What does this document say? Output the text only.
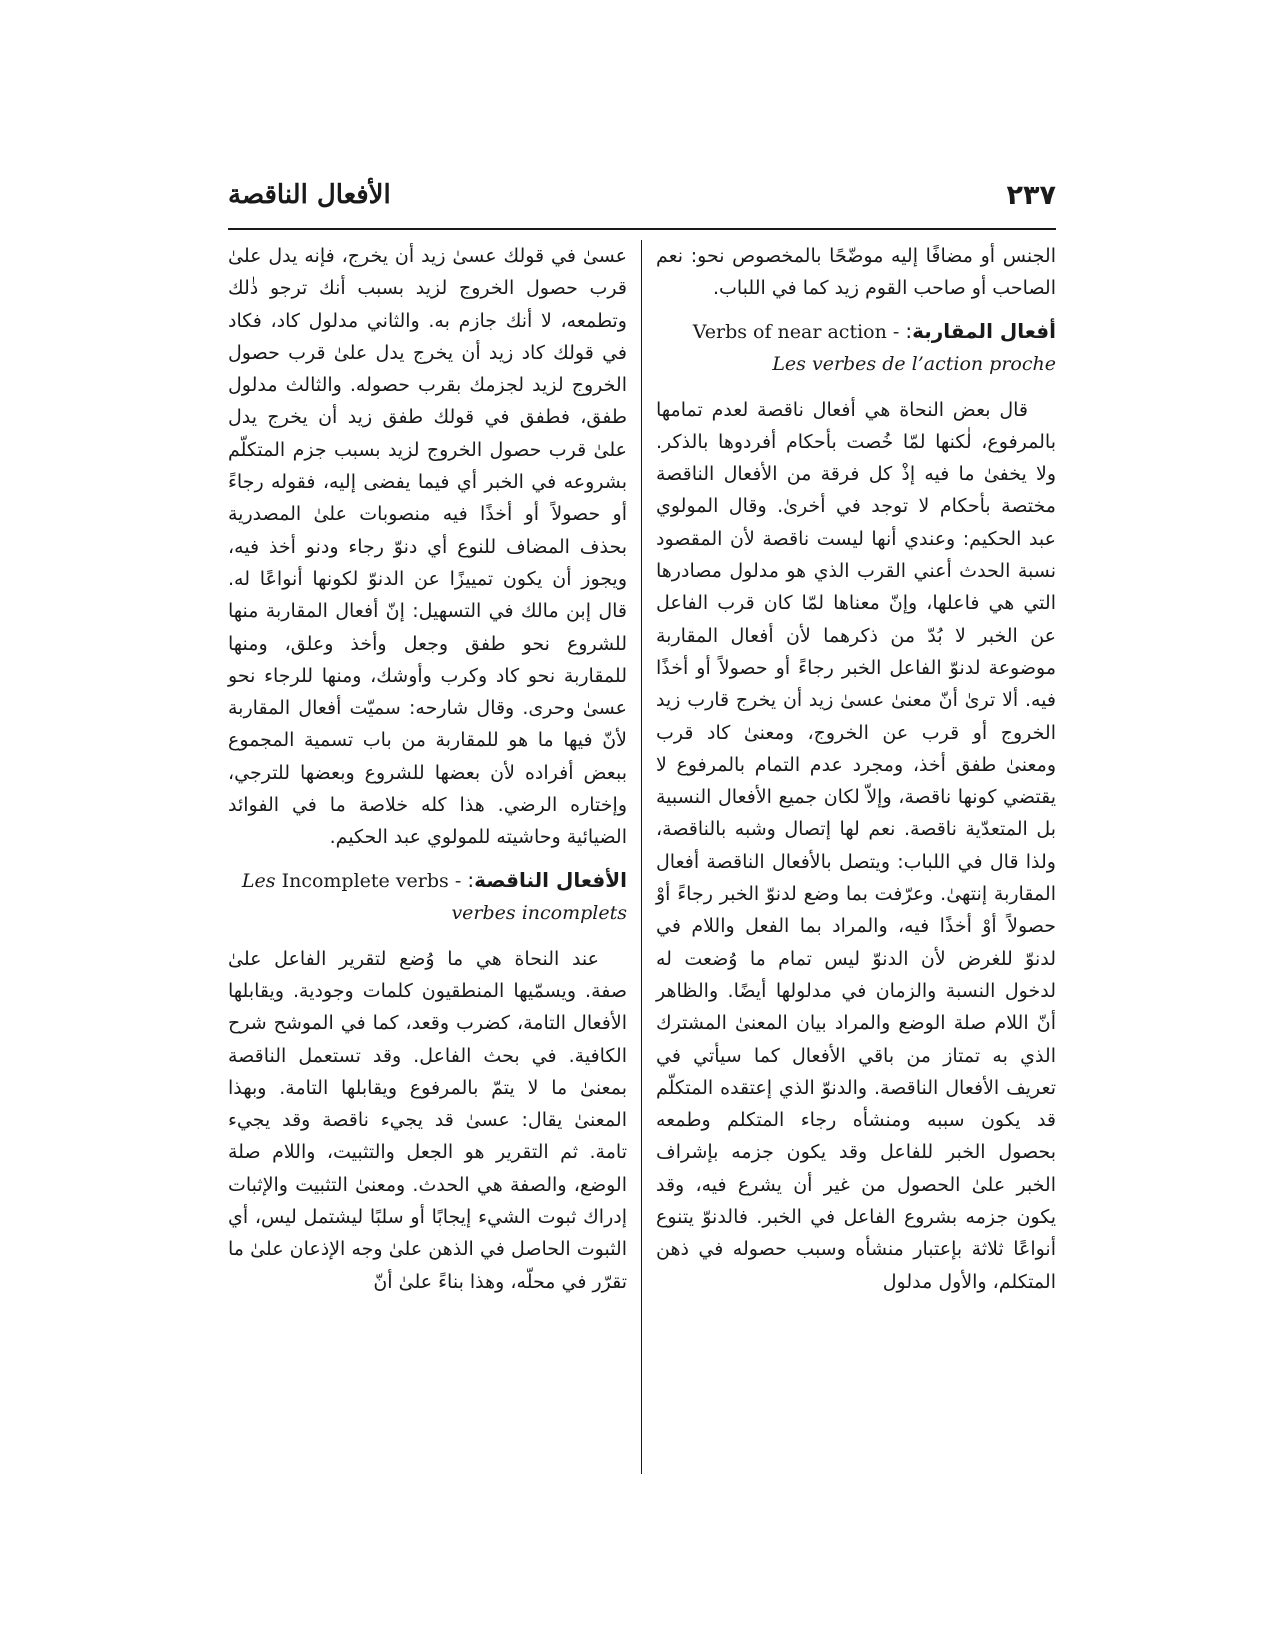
٢٣٧
الأفعال الناقصة

الجنس أو مضافًا إليه موضّحًا بالمخصوص نحو: نعم الصاحب أو صاحب القوم زيد كما في اللباب.

أفعال المقاربة: Verbs of near action -
Les verbes de l’action proche

قال بعض النحاة هي أفعال ناقصة لعدم تمامها بالمرفوع، لٰكنها لمّا خُصت بأحكام أفردوها بالذكر. ولا يخفىٰ ما فيه إذْ كل فرقة من الأفعال الناقصة مختصة بأحكام لا توجد في أخرىٰ. وقال المولوي عبد الحكيم: وعندي أنها ليست ناقصة لأن المقصود نسبة الحدث أعني القرب الذي هو مدلول مصادرها التي هي فاعلها، وإنّ معناها لمّا كان قرب الفاعل عن الخبر لا بُدّ من ذكرهما لأن أفعال المقاربة موضوعة لدنوّ الفاعل الخبر رجاءً أو حصولاً أو أخذًا فيه. ألا ترىٰ أنّ معنىٰ عسىٰ زيد أن يخرج قارب زيد الخروج أو قرب عن الخروج، ومعنىٰ كاد قرب ومعنىٰ طفق أخذ، ومجرد عدم التمام بالمرفوع لا يقتضي كونها ناقصة، وإلاّ لكان جميع الأفعال النسبية بل المتعدّية ناقصة. نعم لها إتصال وشبه بالناقصة، ولذا قال في اللباب: ويتصل بالأفعال الناقصة أفعال المقاربة إنتهىٰ. وعرّفت بما وضع لدنوّ الخبر رجاءً أوْ حصولاً أوْ أخذًا فيه، والمراد بما الفعل واللام في لدنوّ للغرض لأن الدنوّ ليس تمام ما وُضعت له لدخول النسبة والزمان في مدلولها أيضًا. والظاهر أنّ اللام صلة الوضع والمراد بيان المعنىٰ المشترك الذي به تمتاز من باقي الأفعال كما سيأتي في تعريف الأفعال الناقصة. والدنوّ الذي إعتقده المتكلّم قد يكون سببه ومنشأه رجاء المتكلم وطمعه بحصول الخبر للفاعل وقد يكون جزمه بإشراف الخبر علىٰ الحصول من غير أن يشرع فيه، وقد يكون جزمه بشروع الفاعل في الخبر. فالدنوّ يتنوع أنواعًا ثلاثة بإعتبار منشأه وسبب حصوله في ذهن المتكلم، والأول مدلول

عسىٰ في قولك عسىٰ زيد أن يخرج، فإنه يدل علىٰ قرب حصول الخروج لزيد بسبب أنك ترجو ذٰلك وتطمعه، لا أنك جازم به. والثاني مدلول كاد، فكاد في قولك كاد زيد أن يخرج يدل علىٰ قرب حصول الخروج لزيد لجزمك بقرب حصوله. والثالث مدلول طفق، فطفق في قولك طفق زيد أن يخرج يدل علىٰ قرب حصول الخروج لزيد بسبب جزم المتكلّم بشروعه في الخبر أي فيما يفضى إليه، فقوله رجاءً أو حصولاً أو أخذًا فيه منصوبات علىٰ المصدرية بحذف المضاف للنوع أي دنوّ رجاء ودنو أخذ فيه، ويجوز أن يكون تمييزًا عن الدنوّ لكونها أنواعًا له. قال إبن مالك في التسهيل: إنّ أفعال المقاربة منها للشروع نحو طفق وجعل وأخذ وعلق، ومنها للمقاربة نحو كاد وكرب وأوشك، ومنها للرجاء نحو عسىٰ وحرى. وقال شارحه: سميّت أفعال المقاربة لأنّ فيها ما هو للمقاربة من باب تسمية المجموع ببعض أفراده لأن بعضها للشروع وبعضها للترجي، وإختاره الرضي. هذا كله خلاصة ما في الفوائد الضيائية وحاشيته للمولوي عبد الحكيم.

الأفعال الناقصة: Incomplete verbs - Les
verbes incomplets

عند النحاة هي ما وُضع لتقرير الفاعل علىٰ صفة. ويسمّيها المنطقيون كلمات وجودية. ويقابلها الأفعال التامة، كضرب وقعد، كما في الموشح شرح الكافية. في بحث الفاعل. وقد تستعمل الناقصة بمعنىٰ ما لا يتمّ بالمرفوع ويقابلها التامة. وبهذا المعنىٰ يقال: عسىٰ قد يجيء ناقصة وقد يجيء تامة. ثم التقرير هو الجعل والتثبيت، واللام صلة الوضع، والصفة هي الحدث. ومعنىٰ التثبيت والإثبات إدراك ثبوت الشيء إيجابًا أو سلبًا ليشتمل ليس، أي الثبوت الحاصل في الذهن علىٰ وجه الإذعان علىٰ ما تقرّر في محلّه، وهذا بناءً علىٰ أنّ
